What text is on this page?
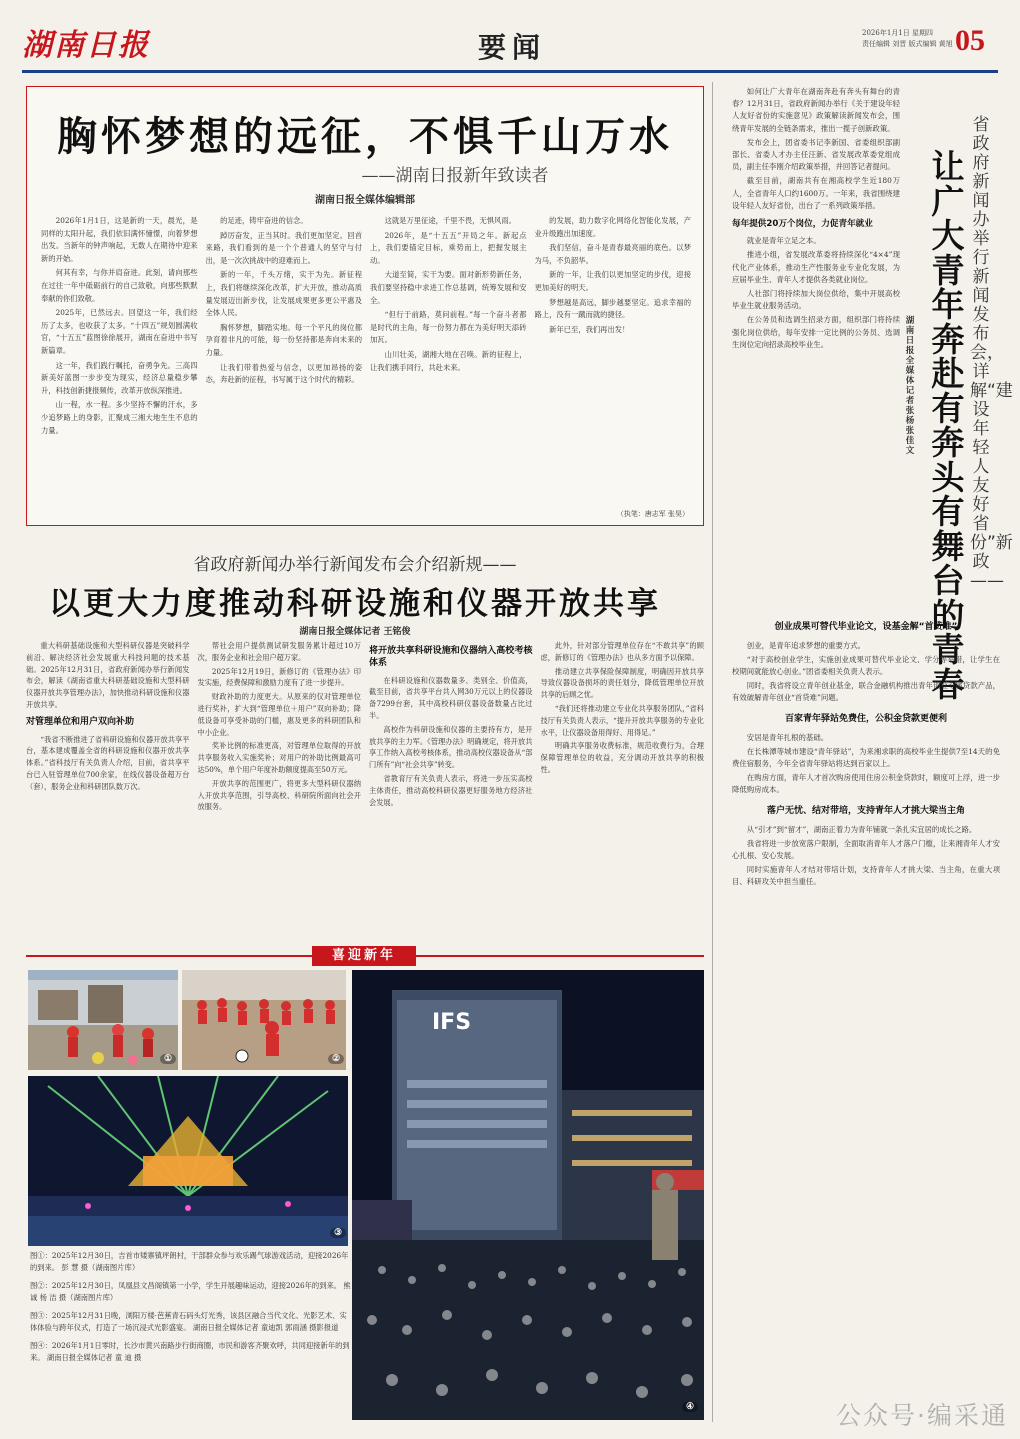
湖南日报	要闻	2026年1月1日 星期四
责任编辑 刘晋 版式编辑 黄旭 05
胸怀梦想的远征，不惧千山万水
——湖南日报新年致读者
湖南日报全媒体编辑部

2026年1月1日，这是新的一天，晨光，是同样的太阳升起，我们依旧满怀憧憬，向着梦想出发。当新年的钟声响起，无数人在期待中迎来新的开始。

何其有幸，与你并肩奋进。此刻，请向那些在过往一年中砥砺前行的自己致敬，向那些默默奉献的你们致敬。

2025年，已然远去。回望这一年，我们经历了太多，也收获了太多。“十四五”规划圆满收官，“十五五”蓝图徐徐展开，湖南在奋进中书写新篇章。

这一年，我们践行嘱托，奋勇争先。三高四新美好蓝图一步步变为现实，经济总量稳步攀升，科技创新捷报频传，改革开放纵深推进。

山一程，水一程。多少坚持不懈的汗水，多少追梦路上的身影，汇聚成三湘大地生生不息的力量。

的足迹，铸牢奋进的信念。

踔厉奋发，正当其时。我们更加坚定。回首来路，我们看到的是一个个普通人的坚守与付出，是一次次挑战中的迎难而上。

新的一年，千头万绪，实干为先。新征程上，我们将继续深化改革，扩大开放，推动高质量发展迈出新步伐，让发展成果更多更公平惠及全体人民。

胸怀梦想，脚踏实地。每一个平凡的岗位都孕育着非凡的可能，每一份坚持都是奔向未来的力量。

让我们带着热爱与信念，以更加昂扬的姿态，奔赴新的征程，书写属于这个时代的精彩。

这就是万里征途，千里不畏，无惧风雨。

2026年，是“十五五”开局之年。新起点上，我们要锚定目标，乘势而上，把握发展主动。

大道至简，实干为要。面对新形势新任务，我们要坚持稳中求进工作总基调，统筹发展和安全。

“但行于前路，莫问前程。”每一个奋斗者都是时代的主角，每一份努力都在为美好明天添砖加瓦。

山川壮美，湖湘大地在召唤。新的征程上，让我们携手同行，共赴未来。

的发展，助力数字化网络化智能化发展，产业升级跑出加速度。

我们坚信，奋斗是青春最亮丽的底色。以梦为马，不负韶华。

新的一年，让我们以更加坚定的步伐，迎接更加美好的明天。

梦想越是高远，脚步越要坚定。追求幸福的路上，没有一蹴而就的捷径。

新年已至，我们再出发！

（执笔：唐志军 张昊）
省政府新闻办举行新闻发布会介绍新规——
以更大力度推动科研设施和仪器开放共享
湖南日报全媒体记者 王铭俊

重大科研基础设施和大型科研仪器是突破科学前沿、解决经济社会发展重大科技问题的技术基础。2025年12月31日，省政府新闻办举行新闻发布会，解读《湖南省重大科研基础设施和大型科研仪器开放共享管理办法》，加快推动科研设施和仪器开放共享。

对管理单位和用户双向补助

“我省不断推进了省科研设施和仪器开放共享平台，基本建成覆盖全省的科研设施和仪器开放共享体系。”省科技厅有关负责人介绍，目前，省共享平台已入驻管理单位700余家，在线仪器设备超万台（套），服务企业和科研团队数万次。

帮社会用户提供测试研发服务累计超过10万次，服务企业和社会用户超万家。

2025年12月19日，新修订的《管理办法》印发实施，经费保障和激励力度有了进一步提升。

财政补助的力度更大。从原来的仅对管理单位进行奖补，扩大到“管理单位＋用户”双向补助；降低设备可享受补助的门槛，惠及更多的科研团队和中小企业。

奖补比例的标准更高，对管理单位取得的开放共享服务收入实施奖补；对用户的补助比例最高可达50%，单个用户年度补助额度提高至50万元。

开放共享的范围更广，将更多大型科研仪器纳入开放共享范围，引导高校、科研院所面向社会开放服务。

将开放共享科研设施和仪器纳入高校考核体系

在科研设施和仪器数量多、类别全、价值高，截至目前，省共享平台共入网30万元以上的仪器设备7299台套，其中高校科研仪器设备数量占比过半。

高校作为科研设施和仪器的主要持有方，是开放共享的主力军。《管理办法》明确规定，将开放共享工作纳入高校考核体系，推动高校仪器设备从“部门所有”向“社会共享”转变。

省教育厅有关负责人表示，将进一步压实高校主体责任，推动高校科研仪器更好服务地方经济社会发展。

此外，针对部分管理单位存在“不敢共享”的顾虑，新修订的《管理办法》也从多方面予以保障。

推动建立共享保险保障制度，明确因开放共享导致仪器设备损坏的责任划分，降低管理单位开放共享的后顾之忧。

“我们还将推动建立专业化共享服务团队，”省科技厅有关负责人表示，“提升开放共享服务的专业化水平，让仪器设备用得好、用得足。”

明确共享服务收费标准，规范收费行为，合理保障管理单位的收益，充分调动开放共享的积极性。

喜迎新年
①	②
③

图①：2025年12月30日，吉首市矮寨镇坪朗村，干部群众参与欢乐踢气球游戏活动，迎接2026年的到来。 彭 慧 摄（湖南图片库）

图②：2025年12月30日，凤凰县文昌阁镇第一小学，学生开展趣味运动，迎接2026年的到来。 熊 诚 杨 洁 摄（湖南图片库）

图③：2025年12月31日晚，浏阳万楼·芭蕉青石码头灯光秀，该县区融合当代文化、光影艺术、实体体验与跨年仪式，打造了一场沉浸式光影盛宴。 湖南日报全媒体记者 童迪凯 郭雨涵 摄影报道

图④：2026年1月1日零时，长沙市黄兴南路步行街商圈，市民和游客齐聚欢呼，共同迎接新年的到来。 湖南日报全媒体记者 童 迪 摄

IFS
④

如何让广大青年在湖南奔赴有奔头有舞台的青春？12月31日，省政府新闻办举行《关于建设年轻人友好省份的实施意见》政策解读新闻发布会，围绕青年发展的全链条需求，推出一揽子创新政策。

发布会上，团省委书记李新国、省委组织部副部长、省委人才办主任汪新、省发展改革委党组成员，副主任李刚介绍政策举措，并回答记者提问。

截至目前，湖南共有在湘高校学生近180万人，全省青年人口约1600万。一年来，我省围绕建设年轻人友好省份，出台了一系列政策举措。

每年提供20万个岗位，力促青年就业

就业是青年立足之本。

推进小组，省发展改革委将持续深化“4×4”现代化产业体系，推动生产性服务业专业化发展，为应届毕业生、青年人才提供各类就业岗位。

人社部门将持续加大岗位供给，集中开展高校毕业生就业服务活动。

在公务员和选调生招录方面，组织部门将持续强化岗位供给，每年安排一定比例的公务员、选调生岗位定向招录高校毕业生。

省政府新闻办举行新闻发布会，详解“建设年轻人友好省份”新政——
让广大青年奔赴有奔头有舞台的青春
湖南日报全媒体记者 张杨 张佳文
创业成果可替代毕业论文，设基金解“首贷难”

创业，是青年追求梦想的重要方式。

“对于高校创业学生，实施创业成果可替代毕业论文、学分等举措，让学生在校期间就能放心创业。”团省委相关负责人表示。

同时，我省将设立青年创业基金，联合金融机构推出青年创业专属贷款产品，有效破解青年创业“首贷难”问题。

百家青年驿站免费住，公积金贷款更便利

安居是青年扎根的基础。

在长株潭等城市建设“青年驿站”，为来湘求职的高校毕业生提供7至14天的免费住宿服务，今年全省青年驿站将达到百家以上。

在购房方面，青年人才首次购房使用住房公积金贷款时，额度可上浮，进一步降低购房成本。

落户无忧、结对带培，支持青年人才挑大梁当主角

从“引才”到“留才”，湖南正着力为青年铺就一条扎实宜居的成长之路。

我省将进一步放宽落户限制，全面取消青年人才落户门槛，让来湘青年人才安心扎根、安心发展。

同时实施青年人才结对带培计划，支持青年人才挑大梁、当主角，在重大项目、科研攻关中担当重任。

公众号·编采通
